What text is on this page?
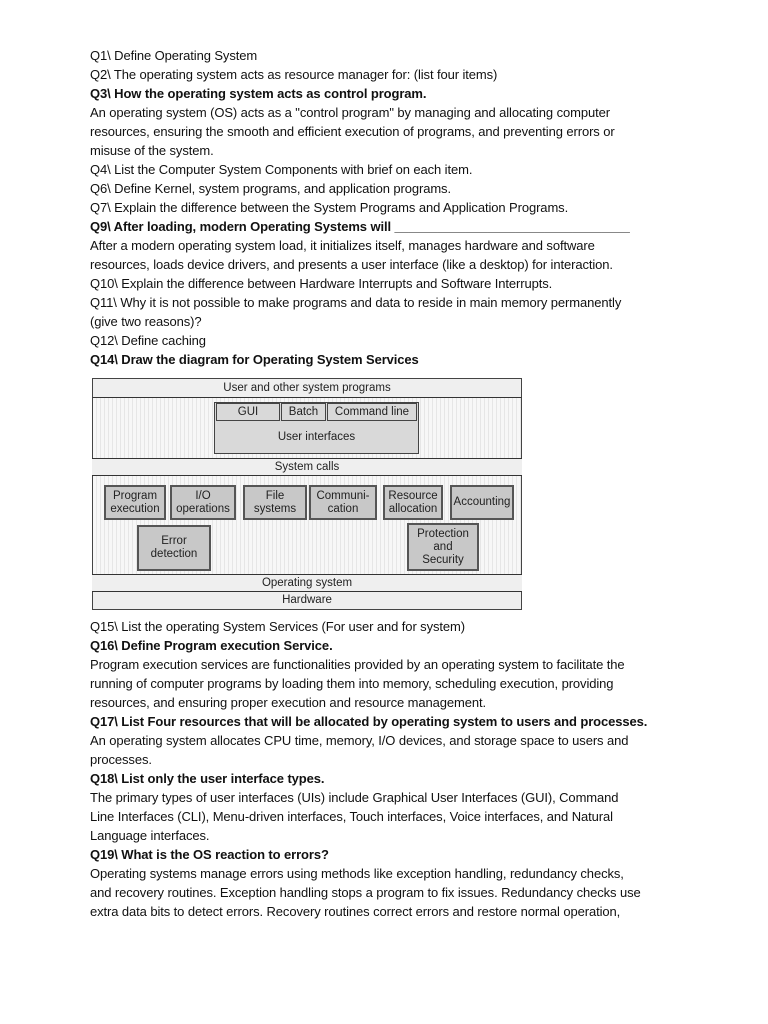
Q1\ Define Operating System
Q2\ The operating system acts as resource manager for: (list four items)
Q3\ How the operating system acts as control program.
An operating system (OS) acts as a "control program" by managing and allocating computer
resources, ensuring the smooth and efficient execution of programs, and preventing errors or
misuse of the system.
Q4\ List the Computer System Components with brief on each item.
Q6\ Define Kernel, system programs, and application programs.
Q7\ Explain the difference between the System Programs and Application Programs.
Q9\ After loading, modern Operating Systems will _________________________________
After a modern operating system load, it initializes itself, manages hardware and software
resources, loads device drivers, and presents a user interface (like a desktop) for interaction.
Q10\ Explain the difference between Hardware Interrupts and Software Interrupts.
Q11\ Why it is not possible to make programs and data to reside in main memory permanently
(give two reasons)?
Q12\ Define caching
Q14\ Draw the diagram for Operating System Services
User and other system programs
GUI	Batch Command line
User interfaces
System calls
Program
execution
I/O
operations
File
systems
Communi-
cation
Resource
allocation
Accounting
Error
detection
Protection
and
Security
Operating system
Hardware
Q15\ List the operating System Services (For user and for system)
Q16\ Define Program execution Service.
Program execution services are functionalities provided by an operating system to facilitate the
running of computer programs by loading them into memory, scheduling execution, providing
resources, and ensuring proper execution and resource management.
Q17\ List Four resources that will be allocated by operating system to users and processes.
An operating system allocates CPU time, memory, I/O devices, and storage space to users and
processes.
Q18\ List only the user interface types.
The primary types of user interfaces (UIs) include Graphical User Interfaces (GUI), Command
Line Interfaces (CLI), Menu-driven interfaces, Touch interfaces, Voice interfaces, and Natural
Language interfaces.
Q19\ What is the OS reaction to errors?
Operating systems manage errors using methods like exception handling, redundancy checks,
and recovery routines. Exception handling stops a program to fix issues. Redundancy checks use
extra data bits to detect errors. Recovery routines correct errors and restore normal operation,
